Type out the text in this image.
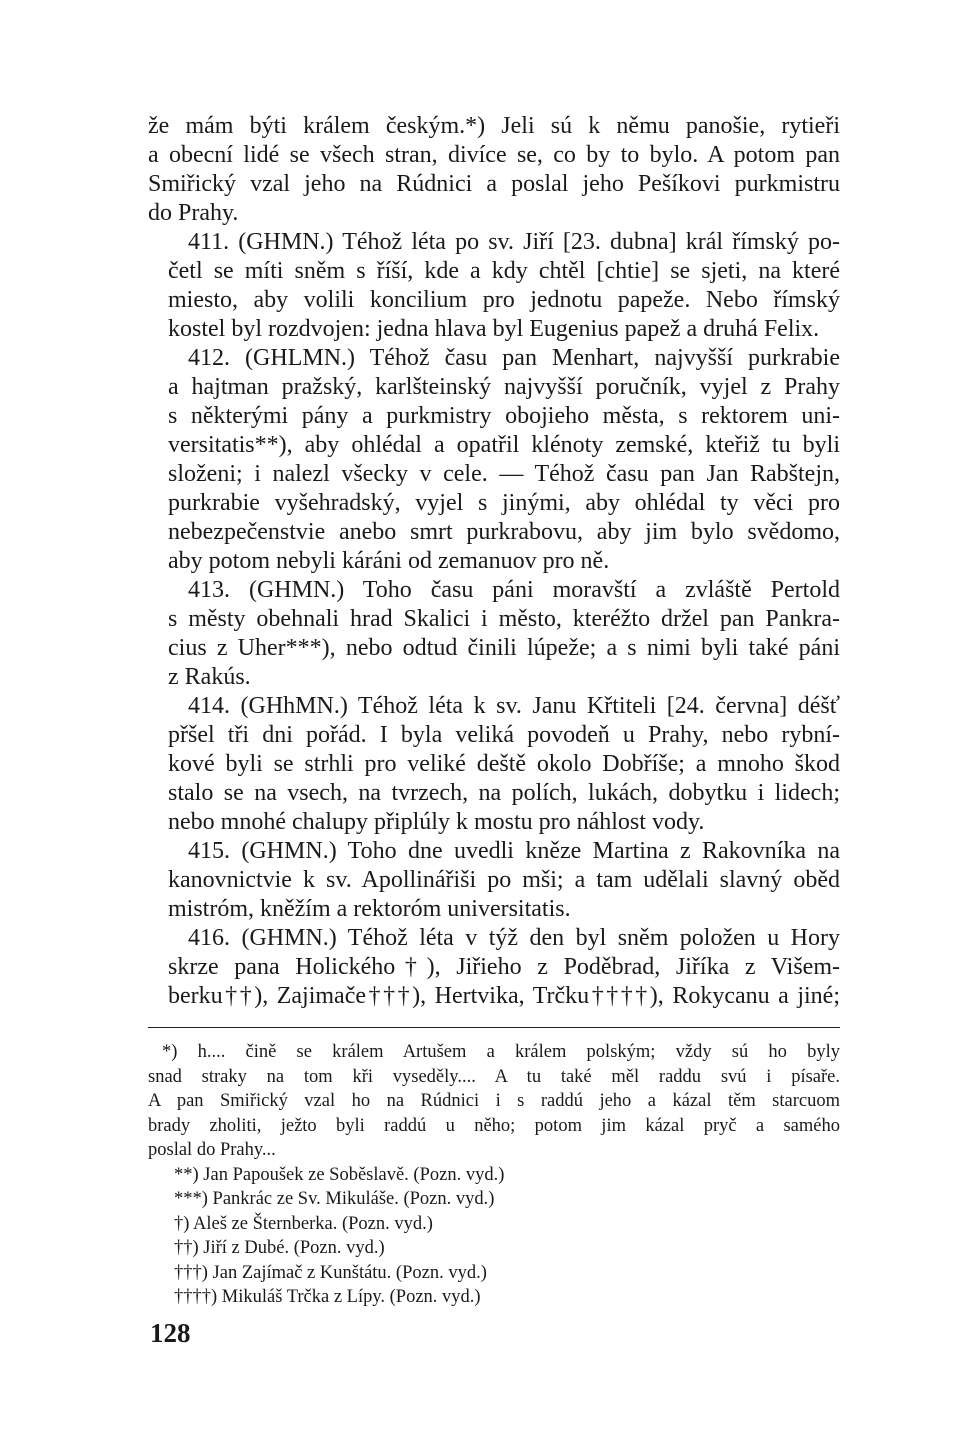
že mám býti králem českým.*) Jeli sú k němu panošie, rytieři
a obecní lidé se všech stran, divíce se, co by to bylo. A potom pan
Smiřický vzal jeho na Rúdnici a poslal jeho Pešíkovi purkmistru
do Prahy.

411. (GHMN.) Téhož léta po sv. Jiří [23. dubna] král římský po-
četl se míti sněm s říší, kde a kdy chtěl [chtie] se sjeti, na které
miesto, aby volili koncilium pro jednotu papeže. Nebo římský
kostel byl rozdvojen: jedna hlava byl Eugenius papež a druhá Felix.

412. (GHLMN.) Téhož času pan Menhart, najvyšší purkrabie
a hajtman pražský, karlšteinský najvyšší poručník, vyjel z Prahy
s některými pány a purkmistry obojieho města, s rektorem uni-
versitatis**), aby ohlédal a opatřil klénoty zemské, kteřiž tu byli
složeni; i nalezl všecky v cele. — Téhož času pan Jan Rabštejn,
purkrabie vyšehradský, vyjel s jinými, aby ohlédal ty věci pro
nebezpečenstvie anebo smrt purkrabovu, aby jim bylo svědomo,
aby potom nebyli káráni od zemanuov pro ně.

413. (GHMN.) Toho času páni moravští a zvláště Pertold
s městy obehnali hrad Skalici i město, kteréžto držel pan Pankra-
cius z Uher***), nebo odtud činili lúpeže; a s nimi byli také páni
z Rakús.

414. (GHhMN.) Téhož léta k sv. Janu Křtiteli [24. června] déšť
přšel tři dni pořád. I byla veliká povodeň u Prahy, nebo rybní-
kové byli se strhli pro veliké deště okolo Dobříše; a mnoho škod
stalo se na vsech, na tvrzech, na polích, lukách, dobytku i lidech;
nebo mnohé chalupy připlúly k mostu pro náhlost vody.

415. (GHMN.) Toho dne uvedli kněze Martina z Rakovníka na
kanovnictvie k sv. Apollinářiši po mši; a tam udělali slavný oběd
mistróm, kněžím a rektoróm universitatis.

416. (GHMN.) Téhož léta v týž den byl sněm položen u Hory
skrze pana Holického†), Jiřieho z Poděbrad, Jiříka z Višem-
berku††), Zajimače†††), Hertvika, Trčku††††), Rokycanu a jiné;

*) h.... čině se králem Artušem a králem polským; vždy sú ho byly
snad straky na tom kři vyseděly.... A tu také měl raddu svú i písaře.
A pan Smiřický vzal ho na Rúdnici i s raddú jeho a kázal těm starcuom
brady zholiti, ježto byli raddú u něho; potom jim kázal pryč a samého
poslal do Prahy...
**) Jan Papoušek ze Soběslavě. (Pozn. vyd.)
***) Pankrác ze Sv. Mikuláše. (Pozn. vyd.)
†) Aleš ze Šternberka. (Pozn. vyd.)
††) Jiří z Dubé. (Pozn. vyd.)
†††) Jan Zajímač z Kunštátu. (Pozn. vyd.)
††††) Mikuláš Trčka z Lípy. (Pozn. vyd.)
128
